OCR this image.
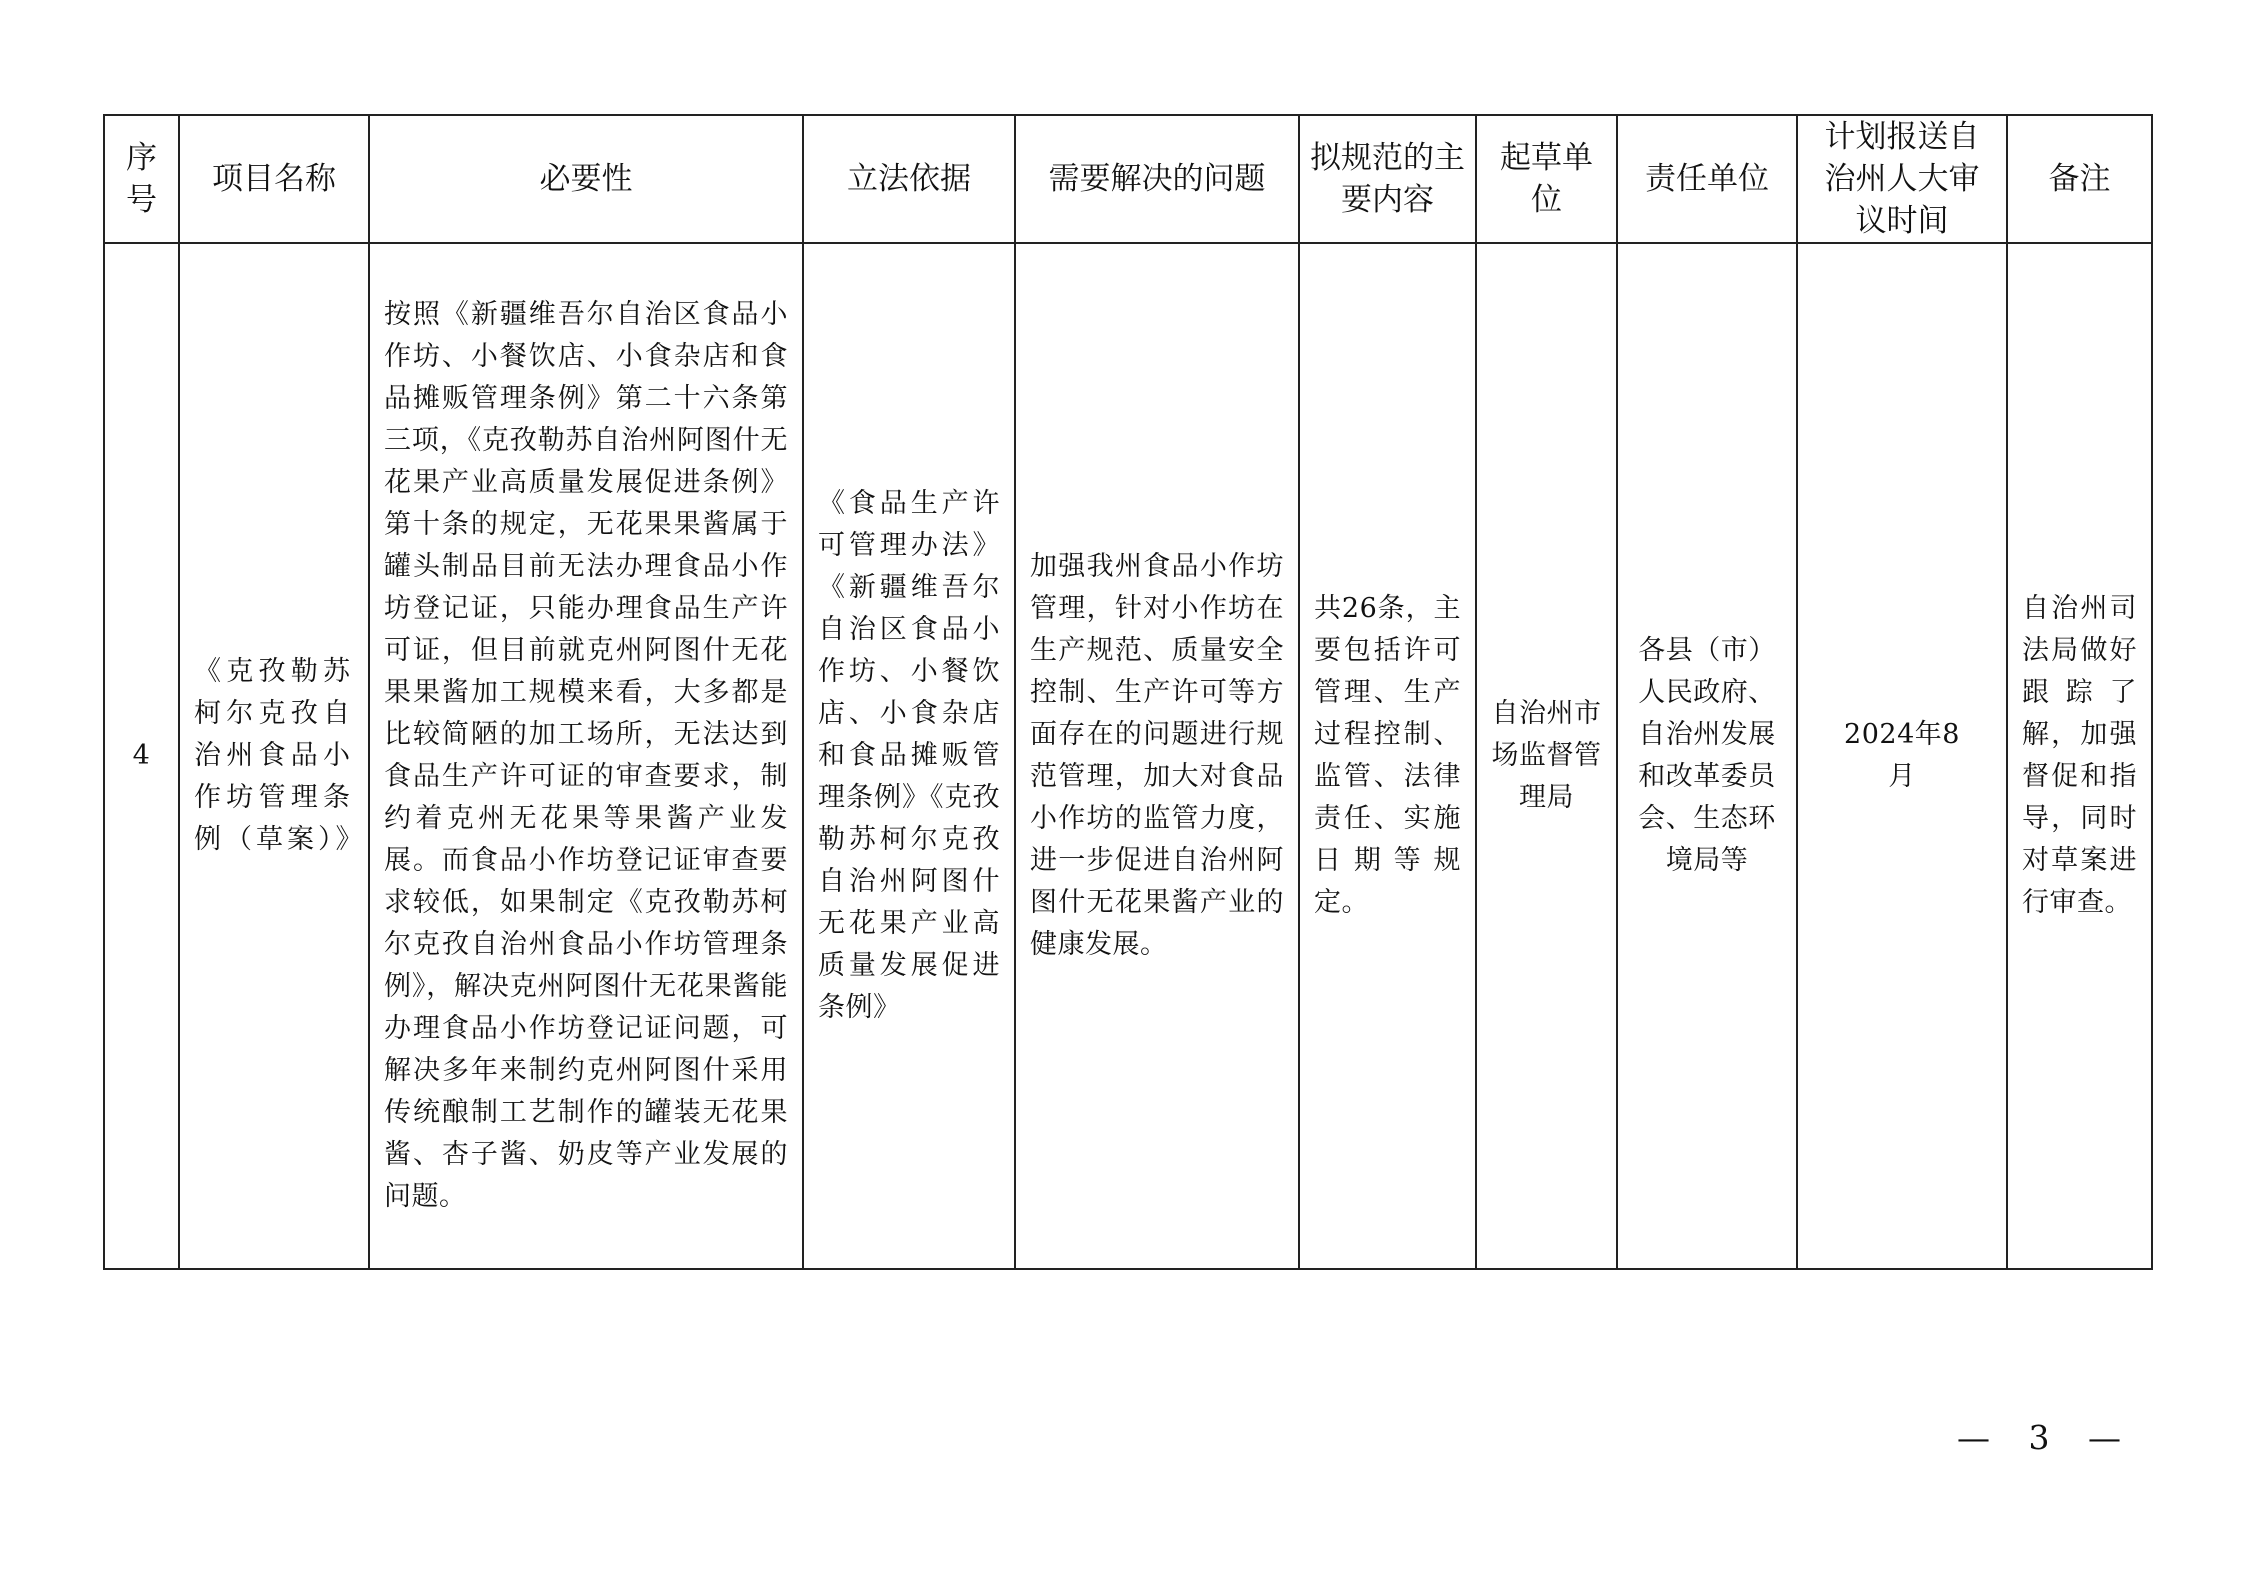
序号	项目名称	必要性	立法依据	需要解决的问题	拟规范的主要内容	起草单位	责任单位	计划报送自治州人大审议时间	备注

4	《克孜勒苏柯尔克孜自治州食品小作坊管理条例（草案）》	按照《新疆维吾尔自治区食品小作坊、小餐饮店、小食杂店和食品摊贩管理条例》第二十六条第三项，《克孜勒苏自治州阿图什无花果产业高质量发展促进条例》第十条的规定，无花果果酱属于罐头制品目前无法办理食品小作坊登记证，只能办理食品生产许可证，但目前就克州阿图什无花果果酱加工规模来看，大多都是比较简陋的加工场所，无法达到食品生产许可证的审查要求，制约着克州无花果等果酱产业发展。而食品小作坊登记证审查要求较低，如果制定《克孜勒苏柯尔克孜自治州食品小作坊管理条例》，解决克州阿图什无花果酱能办理食品小作坊登记证问题，可解决多年来制约克州阿图什采用传统酿制工艺制作的罐装无花果酱、杏子酱、奶皮等产业发展的问题。	《食品生产许可管理办法》《新疆维吾尔自治区食品小作坊、小餐饮店、小食杂店和食品摊贩管理条例》《克孜勒苏柯尔克孜自治州阿图什无花果产业高质量发展促进条例》	加强我州食品小作坊管理，针对小作坊在生产规范、质量安全控制、生产许可等方面存在的问题进行规范管理，加大对食品小作坊的监管力度，进一步促进自治州阿图什无花果酱产业的健康发展。	共26条，主要包括许可管理、生产过程控制、监管、法律责任、实施日期等规定。	自治州市场监督管理局	各县（市）人民政府、自治州发展和改革委员会、生态环境局等	2024年8月	自治州司法局做好跟踪了解，加强督促和指导，同时对草案进行审查。
— 3 —
